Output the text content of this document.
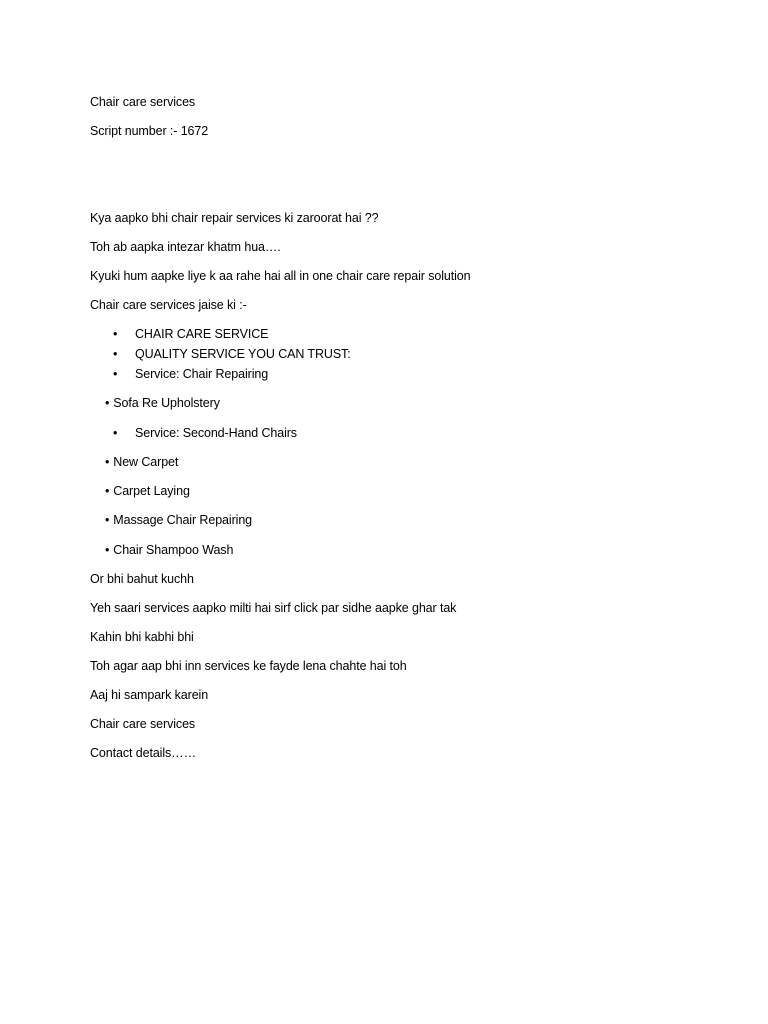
Chair care services
Script number :- 1672
Kya aapko bhi chair repair services ki zaroorat hai ??
Toh ab aapka intezar khatm hua….
Kyuki hum aapke liye k aa rahe hai all in one chair care repair solution
Chair care services jaise ki :-
• CHAIR CARE SERVICE
• QUALITY SERVICE YOU CAN TRUST:
• Service: Chair Repairing
• Sofa Re Upholstery
• Service: Second-Hand Chairs
• New Carpet
• Carpet Laying
• Massage Chair Repairing
• Chair Shampoo Wash
Or bhi bahut kuchh
Yeh saari services aapko milti hai sirf click par sidhe aapke ghar tak
Kahin bhi kabhi bhi
Toh agar aap bhi inn services ke fayde lena chahte hai toh
Aaj hi sampark karein
Chair care services
Contact details……
